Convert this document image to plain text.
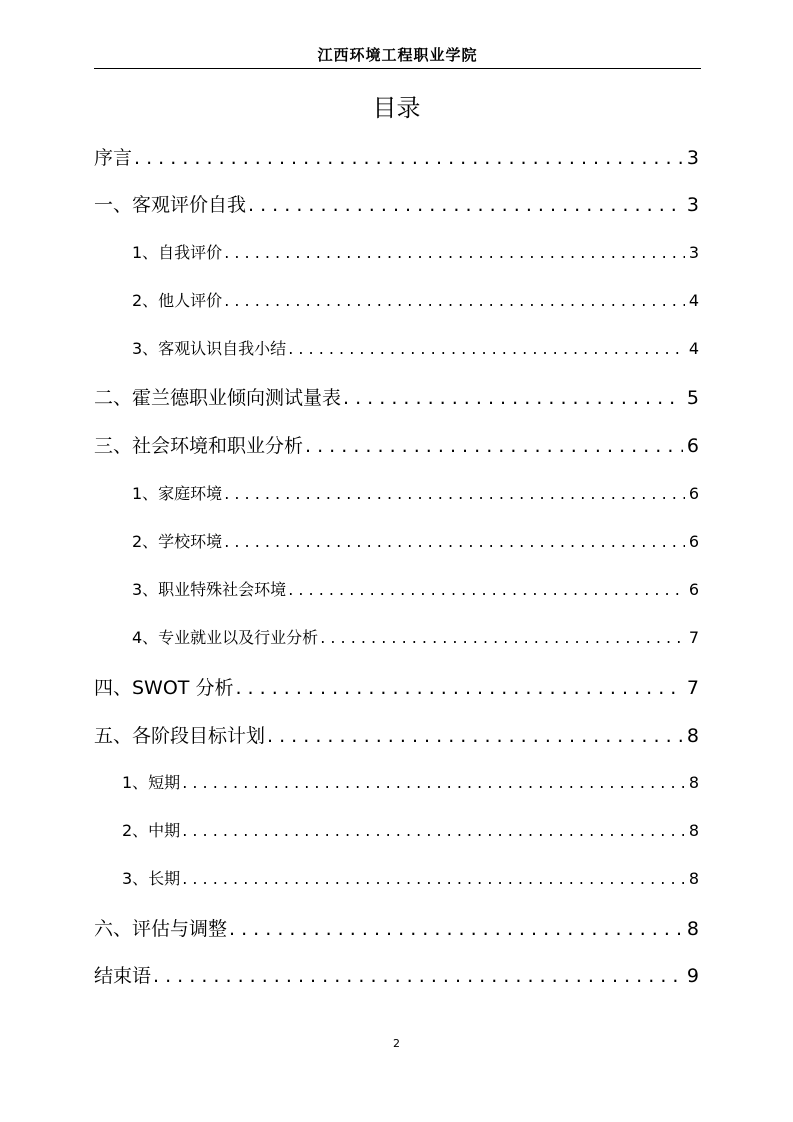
江西环境工程职业学院
目录
序言 . . .	3
一、客观评价自我 . . .	3
1、自我评价 . . .	3
2、他人评价 . . .	4
3、客观认识自我小结 . . .	4
二、霍兰德职业倾向测试量表 . . .	5
三、社会环境和职业分析 . . .	6
1、家庭环境 . . .	6
2、学校环境 . . .	6
3、职业特殊社会环境 . . .	6
4、专业就业以及行业分析 . . .	7
四、SWOT 分析 . . .	7
五、各阶段目标计划 . . .	8
1、短期 . . .	8
2、中期 . . .	8
3、长期 . . .	8
六、评估与调整 . . .	8
结束语 . . .	9
2
